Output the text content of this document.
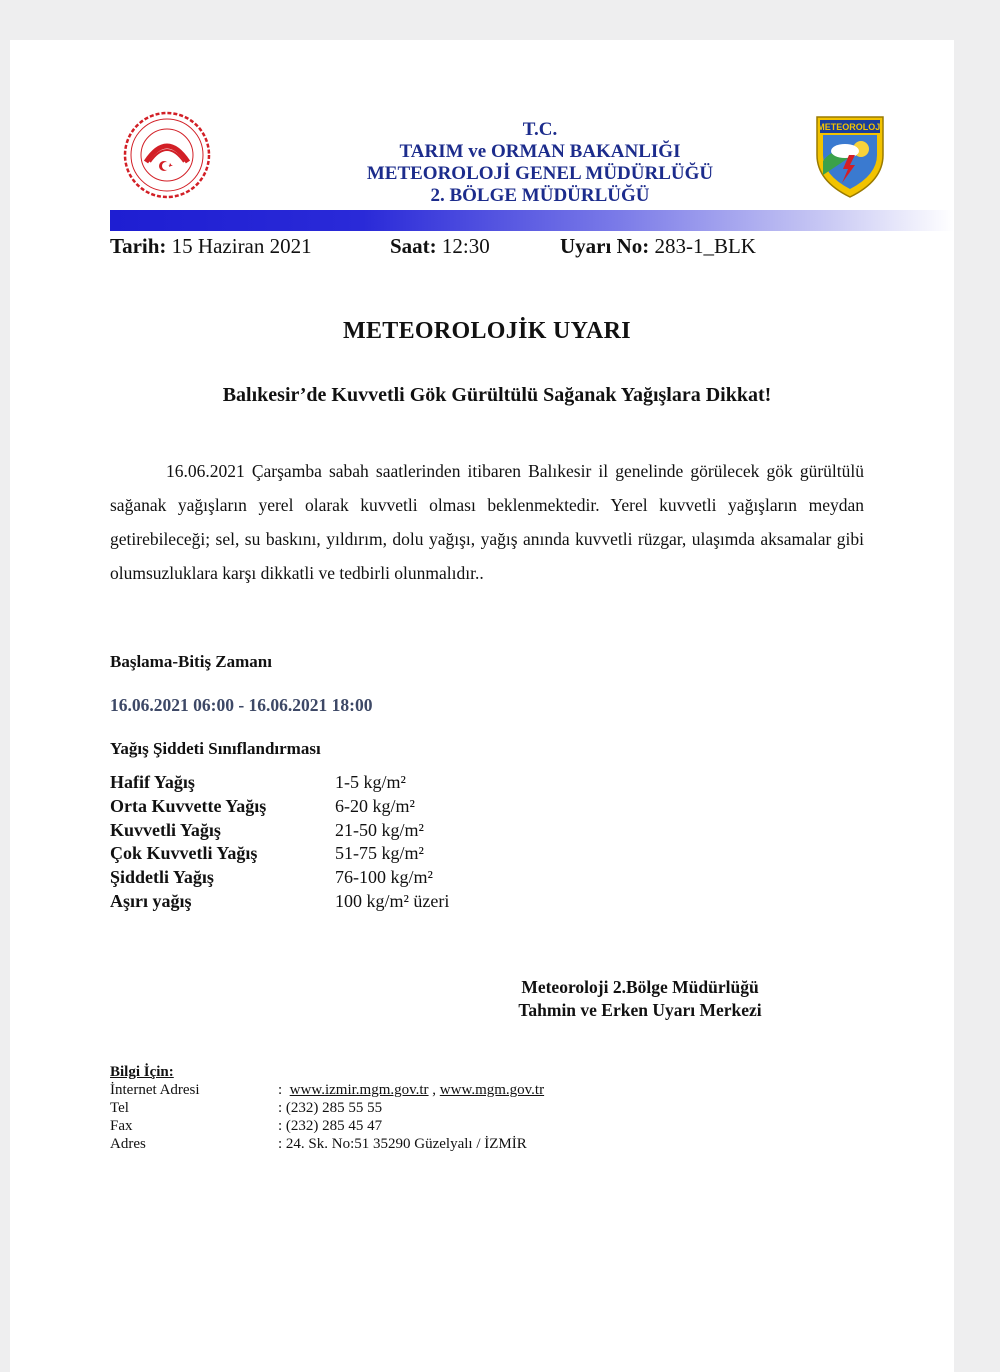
T.C.
TARIM ve ORMAN BAKANLIĞI
METEOROLOJİ GENEL MÜDÜRLÜĞÜ
2. BÖLGE MÜDÜRLÜĞÜ
METEOROLOJİ
Tarih: 15 Haziran 2021	Saat: 12:30	Uyarı No: 283-1_BLK
METEOROLOJİK UYARI
Balıkesir’de Kuvvetli Gök Gürültülü Sağanak Yağışlara Dikkat!
16.06.2021 Çarşamba sabah saatlerinden itibaren Balıkesir il genelinde görülecek gök gürültülü sağanak yağışların yerel olarak kuvvetli olması beklenmektedir. Yerel kuvvetli yağışların meydan getirebileceği; sel, su baskını, yıldırım, dolu yağışı, yağış anında kuvvetli rüzgar, ulaşımda aksamalar gibi olumsuzluklara karşı dikkatli ve tedbirli olunmalıdır..
Başlama-Bitiş Zamanı
16.06.2021 06:00 - 16.06.2021 18:00
Yağış Şiddeti Sınıflandırması
Hafif Yağış	1-5 kg/m²
Orta Kuvvette Yağış	6-20 kg/m²
Kuvvetli Yağış	21-50 kg/m²
Çok Kuvvetli Yağış	51-75 kg/m²
Şiddetli Yağış	76-100 kg/m²
Aşırı yağış	100 kg/m² üzeri
Meteoroloji 2.Bölge Müdürlüğü
Tahmin ve Erken Uyarı Merkezi
Bilgi İçin:
İnternet Adresi	:  www.izmir.mgm.gov.tr , www.mgm.gov.tr
Tel	: (232) 285 55 55
Fax	: (232) 285 45 47
Adres	: 24. Sk. No:51 35290 Güzelyalı / İZMİR
